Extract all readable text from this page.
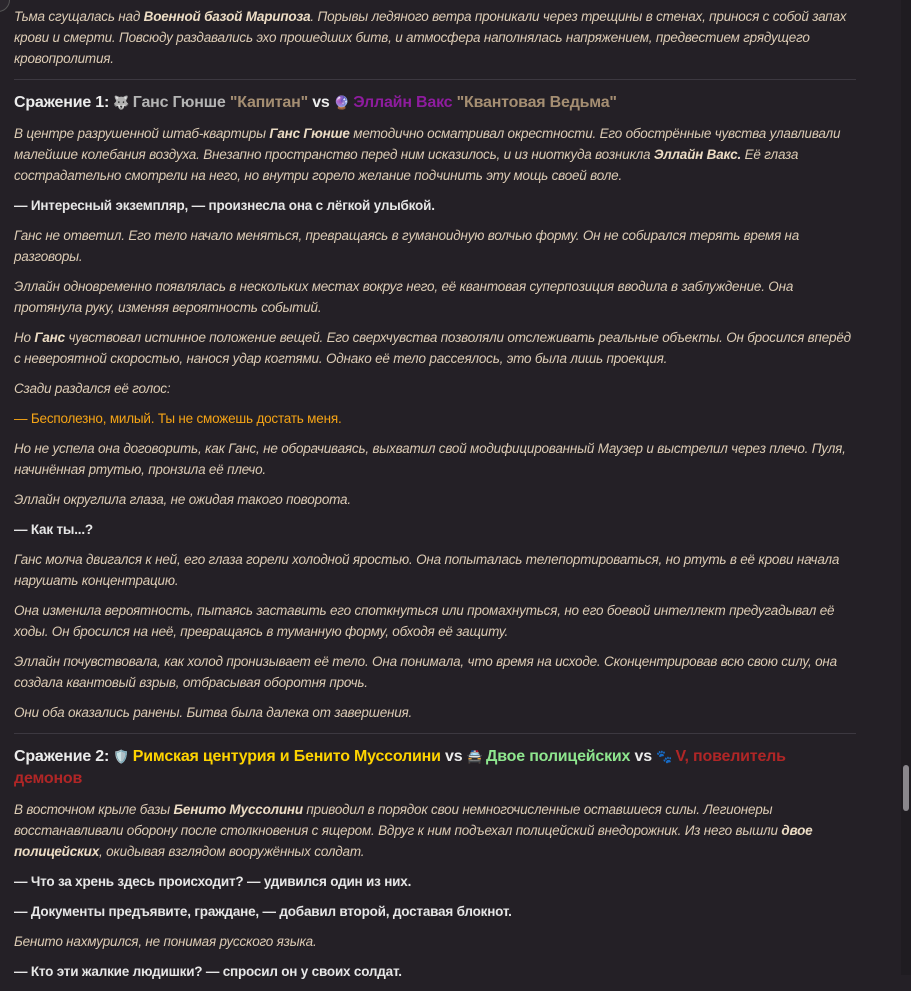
Тьма сгущалась над Военной базой Марипоза. Порывы ледяного ветра проникали через трещины в стенах, принося с собой запах крови и смерти. Повсюду раздавались эхо прошедших битв, и атмосфера наполнялась напряжением, предвестием грядущего кровопролития.

Сражение 1: 🐺 Ганс Гюнше "Капитан" vs 🔮 Эллайн Вакс "Квантовая Ведьма"

В центре разрушенной штаб-квартиры Ганс Гюнше методично осматривал окрестности. Его обострённые чувства улавливали малейшие колебания воздуха. Внезапно пространство перед ним исказилось, и из ниоткуда возникла Эллайн Вакс. Её глаза сострадательно смотрели на него, но внутри горело желание подчинить эту мощь своей воле.

— Интересный экземпляр, — произнесла она с лёгкой улыбкой.

Ганс не ответил. Его тело начало меняться, превращаясь в гуманоидную волчью форму. Он не собирался терять время на разговоры.

Эллайн одновременно появлялась в нескольких местах вокруг него, её квантовая суперпозиция вводила в заблуждение. Она протянула руку, изменяя вероятность событий.

Но Ганс чувствовал истинное положение вещей. Его сверхчувства позволяли отслеживать реальные объекты. Он бросился вперёд с невероятной скоростью, нанося удар когтями. Однако её тело рассеялось, это была лишь проекция.

Сзади раздался её голос:

— Бесполезно, милый. Ты не сможешь достать меня.

Но не успела она договорить, как Ганс, не оборачиваясь, выхватил свой модифицированный Маузер и выстрелил через плечо. Пуля, начинённая ртутью, пронзила её плечо.

Эллайн округлила глаза, не ожидая такого поворота.

— Как ты...?

Ганс молча двигался к ней, его глаза горели холодной яростью. Она попыталась телепортироваться, но ртуть в её крови начала нарушать концентрацию.

Она изменила вероятность, пытаясь заставить его споткнуться или промахнуться, но его боевой интеллект предугадывал её ходы. Он бросился на неё, превращаясь в туманную форму, обходя её защиту.

Эллайн почувствовала, как холод пронизывает её тело. Она понимала, что время на исходе. Сконцентрировав всю свою силу, она создала квантовый взрыв, отбрасывая оборотня прочь.

Они оба оказались ранены. Битва была далека от завершения.

Сражение 2: 🛡️ Римская центурия и Бенито Муссолини vs 🚔 Двое полицейских vs 🐾 V, повелитель демонов

В восточном крыле базы Бенито Муссолини приводил в порядок свои немногочисленные оставшиеся силы. Легионеры восстанавливали оборону после столкновения с ящером. Вдруг к ним подъехал полицейский внедорожник. Из него вышли двое полицейских, окидывая взглядом вооружённых солдат.

— Что за хрень здесь происходит? — удивился один из них.

— Документы предъявите, граждане, — добавил второй, доставая блокнот.

Бенито нахмурился, не понимая русского языка.

— Кто эти жалкие людишки? — спросил он у своих солдат.
